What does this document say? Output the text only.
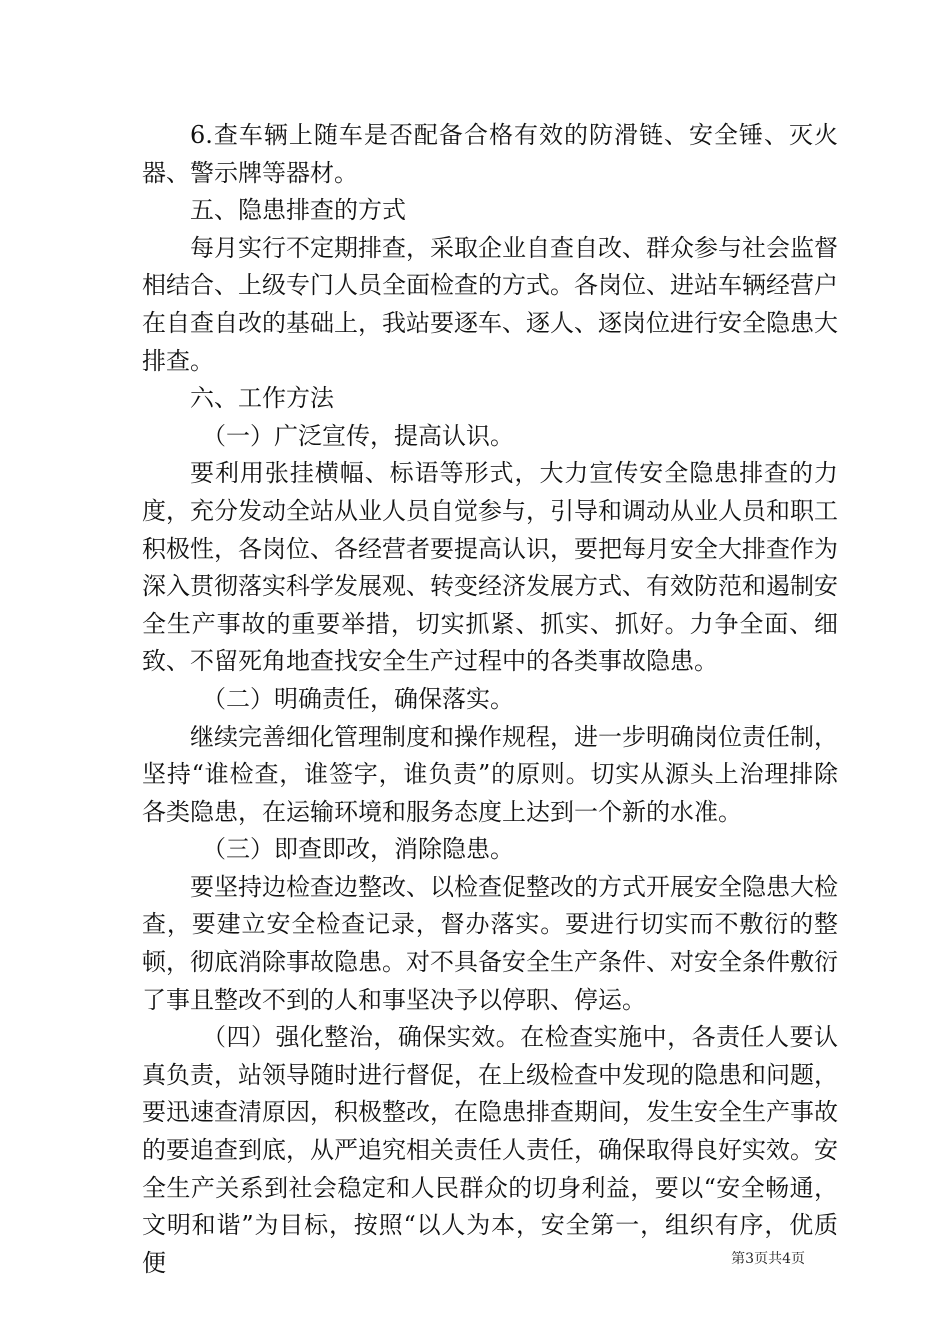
6.查车辆上随车是否配备合格有效的防滑链、安全锤、灭火器、警示牌等器材。

五、隐患排查的方式

每月实行不定期排查，采取企业自查自改、群众参与社会监督相结合、上级专门人员全面检查的方式。各岗位、进站车辆经营户在自查自改的基础上，我站要逐车、逐人、逐岗位进行安全隐患大排查。

六、工作方法

（一）广泛宣传，提高认识。

要利用张挂横幅、标语等形式，大力宣传安全隐患排查的力度，充分发动全站从业人员自觉参与，引导和调动从业人员和职工积极性，各岗位、各经营者要提高认识，要把每月安全大排查作为深入贯彻落实科学发展观、转变经济发展方式、有效防范和遏制安全生产事故的重要举措，切实抓紧、抓实、抓好。力争全面、细致、不留死角地查找安全生产过程中的各类事故隐患。

（二）明确责任，确保落实。

继续完善细化管理制度和操作规程，进一步明确岗位责任制，坚持“谁检查，谁签字，谁负责”的原则。切实从源头上治理排除各类隐患，在运输环境和服务态度上达到一个新的水准。

（三）即查即改，消除隐患。

要坚持边检查边整改、以检查促整改的方式开展安全隐患大检查，要建立安全检查记录，督办落实。要进行切实而不敷衍的整顿，彻底消除事故隐患。对不具备安全生产条件、对安全条件敷衍了事且整改不到的人和事坚决予以停职、停运。

（四）强化整治，确保实效。在检查实施中，各责任人要认真负责，站领导随时进行督促，在上级检查中发现的隐患和问题，要迅速查清原因，积极整改，在隐患排查期间，发生安全生产事故的要追查到底，从严追究相关责任人责任，确保取得良好实效。安全生产关系到社会稳定和人民群众的切身利益，要以“安全畅通，文明和谐”为目标，按照“以人为本，安全第一，组织有序，优质便	第3页共4页
